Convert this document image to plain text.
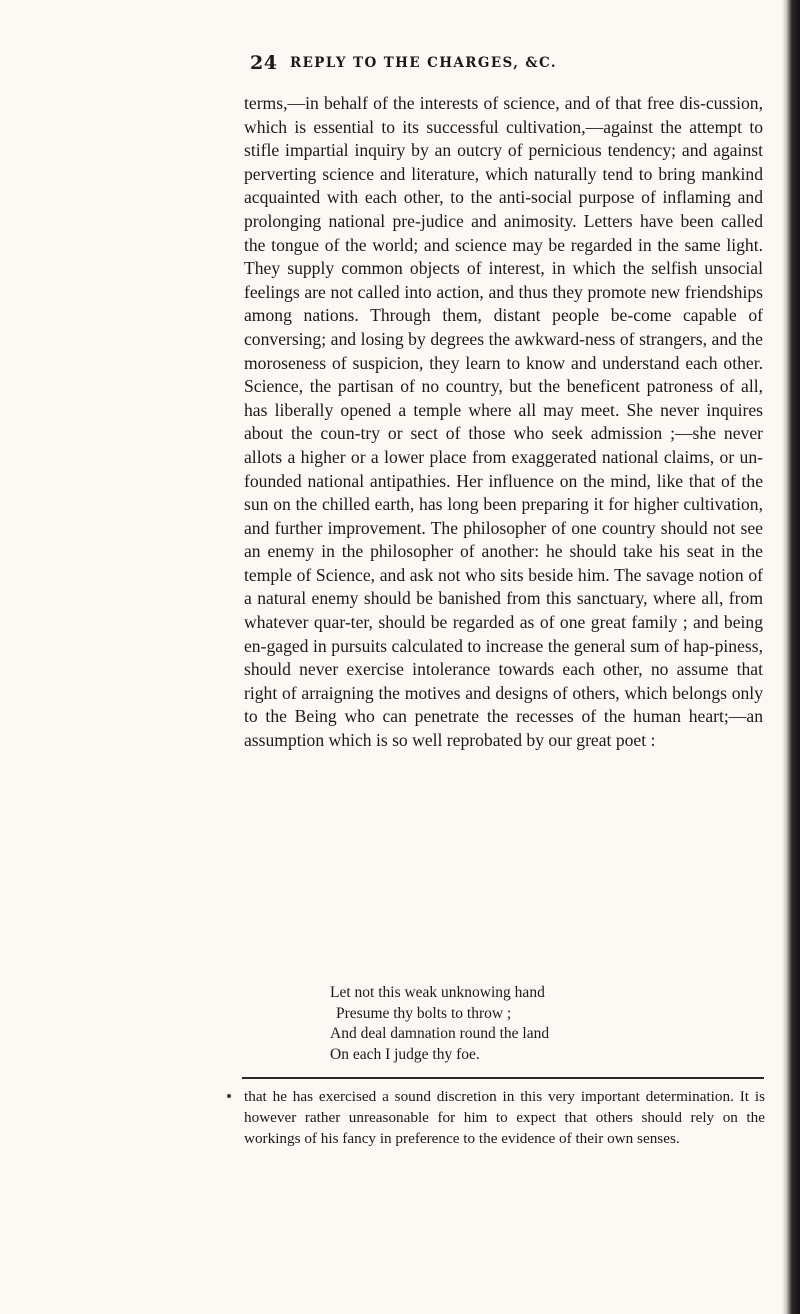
24 REPLY TO THE CHARGES, &C.

terms,—in behalf of the interests of science, and of that free dis-cussion, which is essential to its successful cultivation,—against the attempt to stifle impartial inquiry by an outcry of pernicious tendency; and against perverting science and literature, which naturally tend to bring mankind acquainted with each other, to the anti-social purpose of inflaming and prolonging national pre-judice and animosity. Letters have been called the tongue of the world; and science may be regarded in the same light. They supply common objects of interest, in which the selfish unsocial feelings are not called into action, and thus they promote new friendships among nations. Through them, distant people be-come capable of conversing; and losing by degrees the awkward-ness of strangers, and the moroseness of suspicion, they learn to know and understand each other. Science, the partisan of no country, but the beneficent patroness of all, has liberally opened a temple where all may meet. She never inquires about the coun-try or sect of those who seek admission ;—she never allots a higher or a lower place from exaggerated national claims, or un-founded national antipathies. Her influence on the mind, like that of the sun on the chilled earth, has long been preparing it for higher cultivation, and further improvement. The philosopher of one country should not see an enemy in the philosopher of another: he should take his seat in the temple of Science, and ask not who sits beside him. The savage notion of a natural enemy should be banished from this sanctuary, where all, from whatever quar-ter, should be regarded as of one great family ; and being en-gaged in pursuits calculated to increase the general sum of hap-piness, should never exercise intolerance towards each other, no assume that right of arraigning the motives and designs of others, which belongs only to the Being who can penetrate the recesses of the human heart;—an assumption which is so well reprobated by our great poet :

Let not this weak unknowing hand
Presume thy bolts to throw ;
And deal damnation round the land
On each I judge thy foe.

that he has exercised a sound discretion in this very important determination. It is however rather unreasonable for him to expect that others should rely on the workings of his fancy in preference to the evidence of their own senses.
